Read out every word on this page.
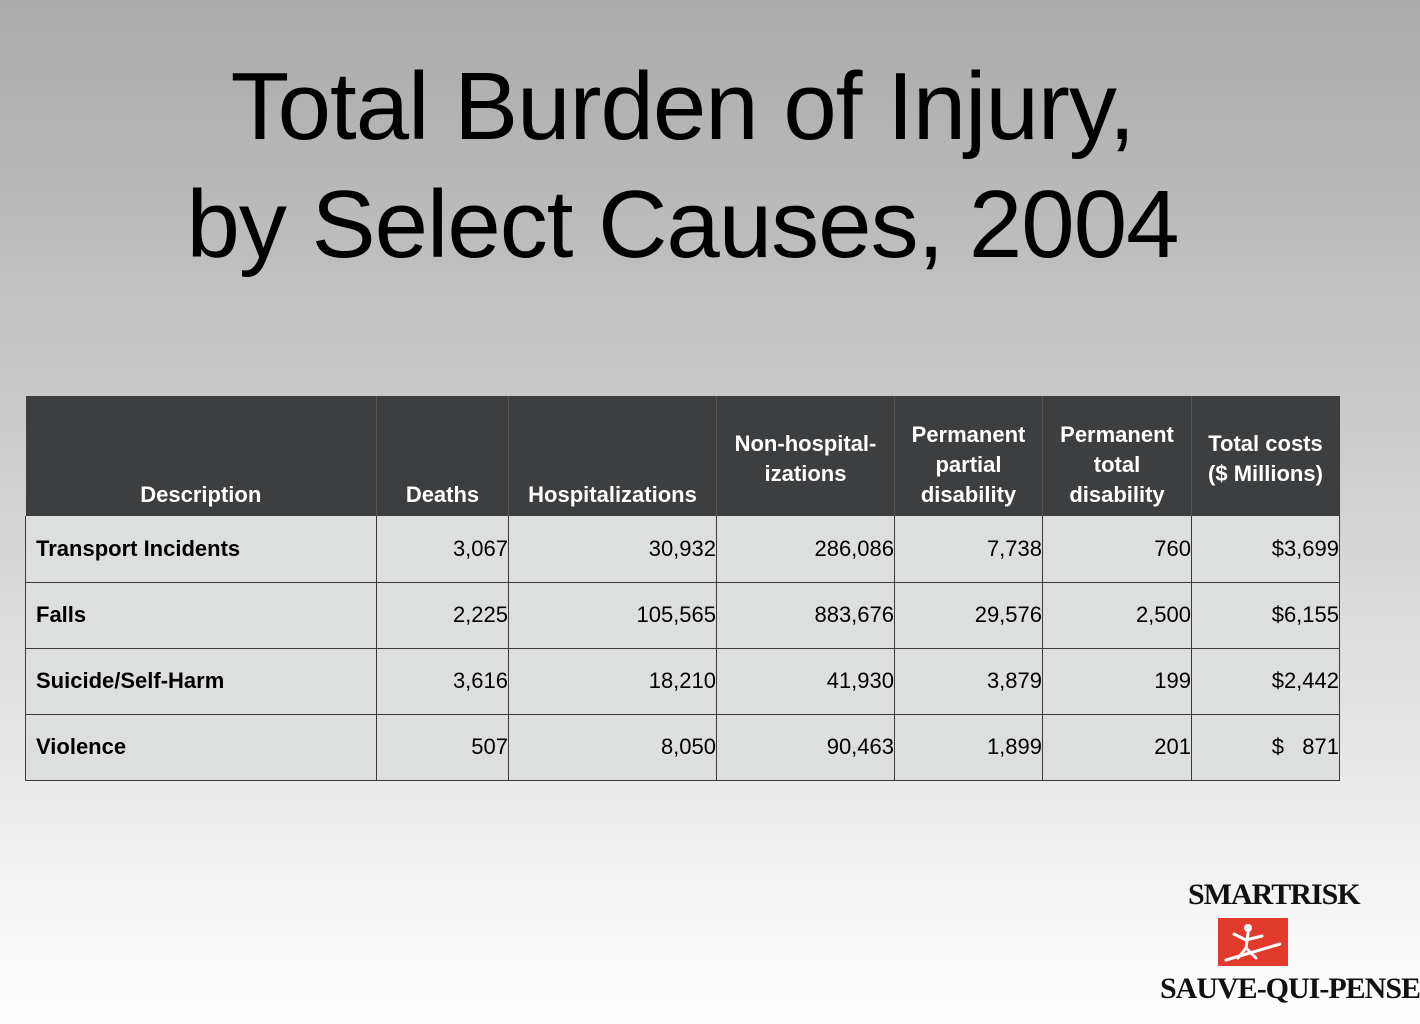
Total Burden of Injury,
by Select Causes, 2004
Description	Deaths	Hospitalizations	Non-hospital- izations	Permanent partial disability	Permanent total disability	Total costs ($ Millions)
Transport Incidents	3,067	30,932	286,086	7,738	760	$3,699
Falls	2,225	105,565	883,676	29,576	2,500	$6,155
Suicide/Self-Harm	3,616	18,210	41,930	3,879	199	$2,442
Violence	507	8,050	90,463	1,899	201	$   871
SMARTRISK
SAUVE-QUI-PENSE
